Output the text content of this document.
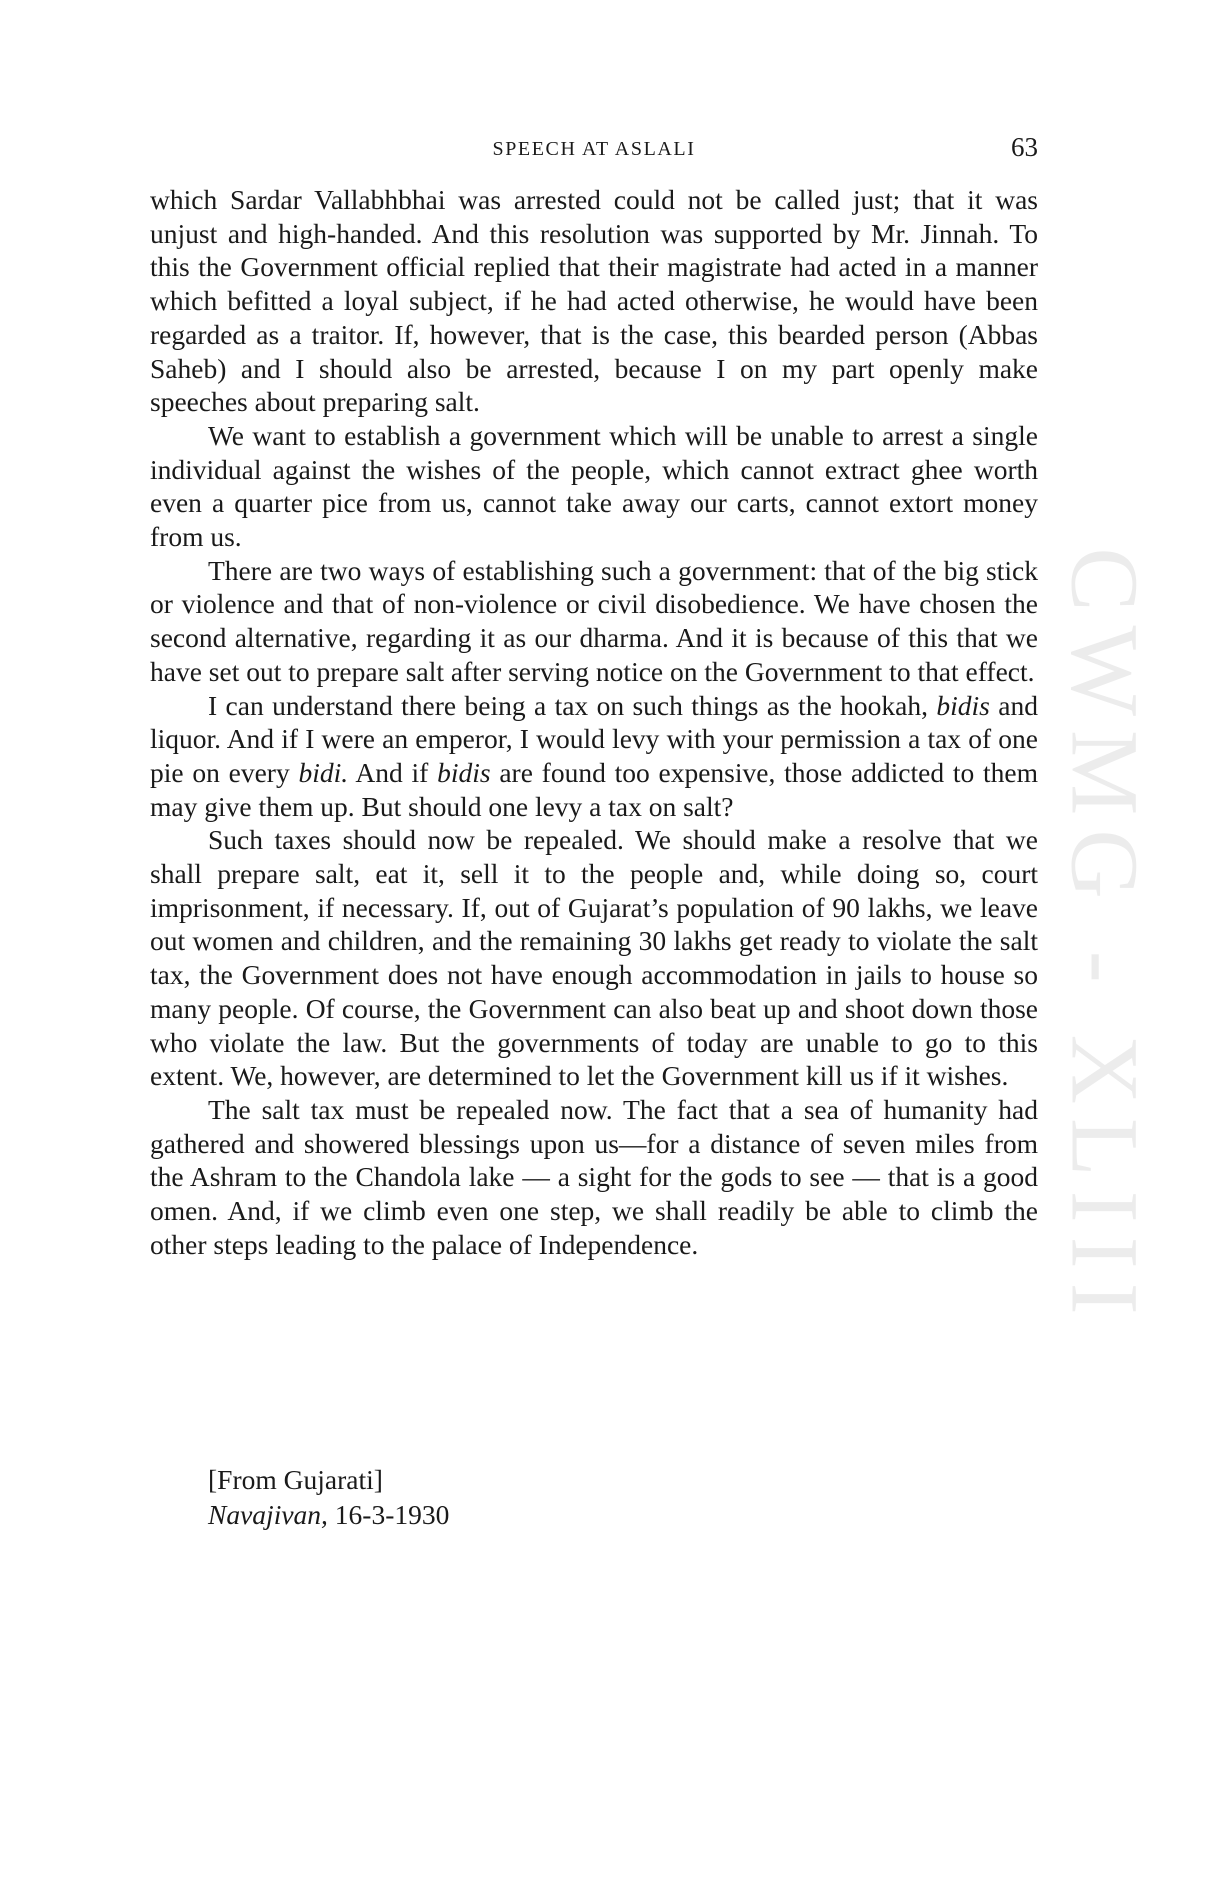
SPEECH AT ASLALI	63
CWMG - XLIII

which Sardar Vallabhbhai was arrested could not be called just; that it was unjust and high-handed. And this resolution was supported by Mr. Jinnah. To this the Government official replied that their magistrate had acted in a manner which befitted a loyal subject, if he had acted otherwise, he would have been regarded as a traitor. If, however, that is the case, this bearded person (Abbas Saheb) and I should also be arrested, because I on my part openly make speeches about preparing salt.

We want to establish a government which will be unable to arrest a single individual against the wishes of the people, which cannot extract ghee worth even a quarter pice from us, cannot take away our carts, cannot extort money from us.

There are two ways of establishing such a government: that of the big stick or violence and that of non-violence or civil disobedience. We have chosen the second alternative, regarding it as our dharma. And it is because of this that we have set out to prepare salt after serving notice on the Government to that effect.

I can understand there being a tax on such things as the hookah, bidis and liquor. And if I were an emperor, I would levy with your permission a tax of one pie on every bidi. And if bidis are found too expensive, those addicted to them may give them up. But should one levy a tax on salt?

Such taxes should now be repealed. We should make a resolve that we shall prepare salt, eat it, sell it to the people and, while doing so, court imprisonment, if necessary. If, out of Gujarat’s population of 90 lakhs, we leave out women and children, and the remaining 30 lakhs get ready to violate the salt tax, the Government does not have enough accommodation in jails to house so many people. Of course, the Government can also beat up and shoot down those who violate the law. But the governments of today are unable to go to this extent. We, however, are determined to let the Government kill us if it wishes.

The salt tax must be repealed now. The fact that a sea of humanity had gathered and showered blessings upon us—for a distance of seven miles from the Ashram to the Chandola lake — a sight for the gods to see — that is a good omen. And, if we climb even one step, we shall readily be able to climb the other steps leading to the palace of Independence.

[From Gujarati]
Navajivan, 16-3-1930
